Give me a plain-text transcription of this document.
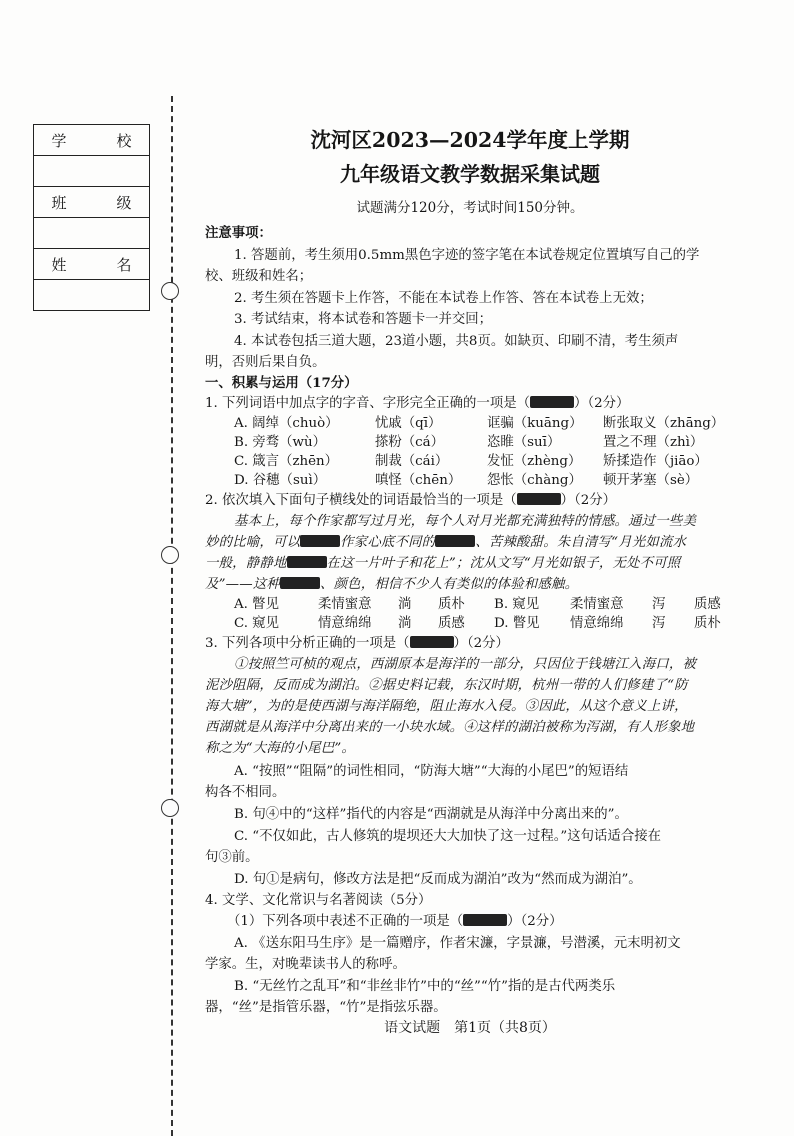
学	校
班	级
姓	名
沈河区2023—2024学年度上学期
九年级语文教学数据采集试题
试题满分120分，考试时间150分钟。
注意事项：
1. 答题前，考生须用0.5mm黑色字迹的签字笔在本试卷规定位置填写自己的学
校、班级和姓名；
2. 考生须在答题卡上作答，不能在本试卷上作答、答在本试卷上无效；
3. 考试结束，将本试卷和答题卡一并交回；
4. 本试卷包括三道大题，23道小题，共8页。如缺页、印刷不清，考生须声
明，否则后果自负。
一、积累与运用（17分）
1. 下列词语中加点字的字音、字形完全正确的一项是（	）（2分）
A. 阔绰（chuò）	忧戚（qī）	诓骗（kuāng） 断张取义（zhāng）
B. 旁骛（wù）	搽粉（cá）	恣睢（suī）	置之不理（zhì）
C. 箴言（zhēn）	制裁（cái）	发怔（zhèng） 矫揉造作（jiāo）
D. 谷穗（suì）	嗔怪（chēn） 怨怅（chàng） 顿开茅塞（sè）
2. 依次填入下面句子横线处的词语最恰当的一项是（	）（2分）
基本上，每个作家都写过月光，每个人对月光都充满独特的情感。通过一些美
妙的比喻，可以	作家心底不同的	、苦辣酸甜。朱自清写“月光如流水
一般，静静地	在这一片叶子和花上”；沈从文写“月光如银子，无处不可照
及”——这种	、颜色，相信不少人有类似的体验和感触。
A. 瞥见	柔情蜜意 淌 质朴 B. 窥见 柔情蜜意 泻 质感
C. 窥见	情意绵绵 淌 质感 D. 瞥见 情意绵绵 泻 质朴
3. 下列各项中分析正确的一项是（	）（2分）
①按照竺可桢的观点，西湖原本是海洋的一部分，只因位于钱塘江入海口，被
泥沙阻隔，反而成为湖泊。②据史料记载，东汉时期，杭州一带的人们修建了“防
海大塘”，为的是使西湖与海洋隔绝，阻止海水入侵。③因此，从这个意义上讲，
西湖就是从海洋中分离出来的一小块水域。④这样的湖泊被称为泻湖，有人形象地
称之为“大海的小尾巴”。
A. “按照”“阻隔”的词性相同，“防海大塘”“大海的小尾巴”的短语结
构各不相同。
B. 句④中的“这样”指代的内容是“西湖就是从海洋中分离出来的”。
C. “不仅如此，古人修筑的堤坝还大大加快了这一过程。”这句话适合接在
句③前。
D. 句①是病句，修改方法是把“反而成为湖泊”改为“然而成为湖泊”。
4. 文学、文化常识与名著阅读（5分）
（1）下列各项中表述不正确的一项是（	）（2分）
A. 《送东阳马生序》是一篇赠序，作者宋濂，字景濂，号潜溪，元末明初文
学家。生，对晚辈读书人的称呼。
B. “无丝竹之乱耳”和“非丝非竹”中的“丝”“竹”指的是古代两类乐
器，“丝”是指管乐器，“竹”是指弦乐器。
语文试题　第1页（共8页）
